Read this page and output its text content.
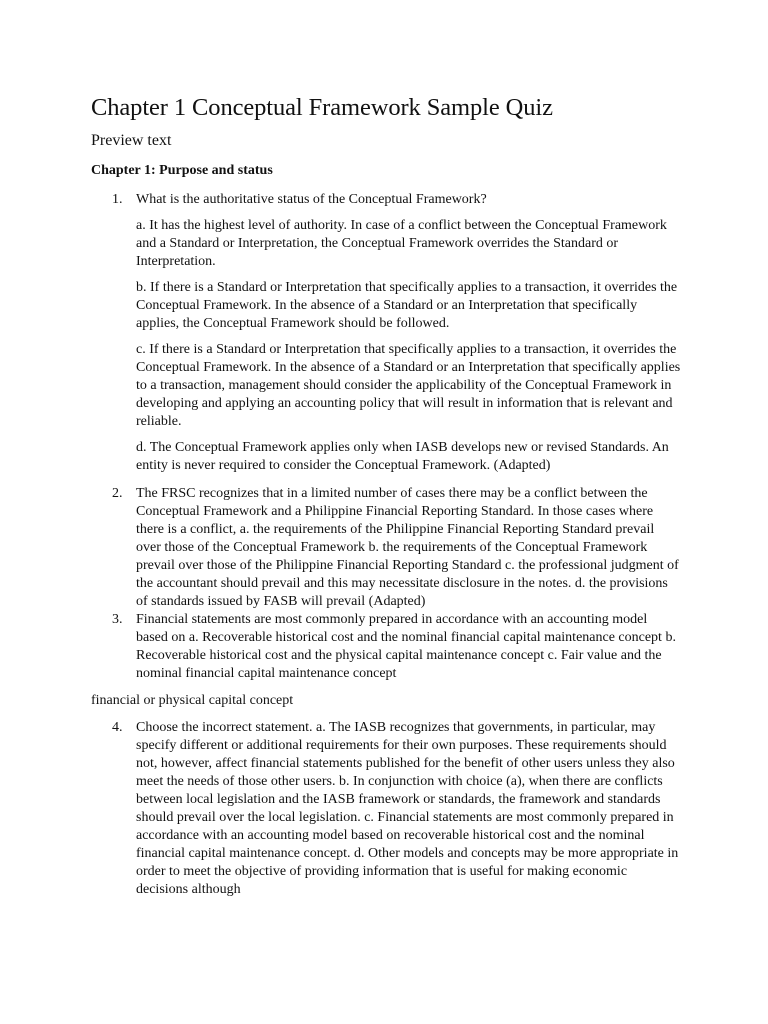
Chapter 1 Conceptual Framework Sample Quiz
Preview text
Chapter 1: Purpose and status
1. What is the authoritative status of the Conceptual Framework?

a. It has the highest level of authority. In case of a conflict between the Conceptual Framework and a Standard or Interpretation, the Conceptual Framework overrides the Standard or Interpretation.

b. If there is a Standard or Interpretation that specifically applies to a transaction, it overrides the Conceptual Framework. In the absence of a Standard or an Interpretation that specifically applies, the Conceptual Framework should be followed.

c. If there is a Standard or Interpretation that specifically applies to a transaction, it overrides the Conceptual Framework. In the absence of a Standard or an Interpretation that specifically applies to a transaction, management should consider the applicability of the Conceptual Framework in developing and applying an accounting policy that will result in information that is relevant and reliable.

d. The Conceptual Framework applies only when IASB develops new or revised Standards. An entity is never required to consider the Conceptual Framework. (Adapted)

2. The FRSC recognizes that in a limited number of cases there may be a conflict between the Conceptual Framework and a Philippine Financial Reporting Standard. In those cases where there is a conflict, a. the requirements of the Philippine Financial Reporting Standard prevail over those of the Conceptual Framework b. the requirements of the Conceptual Framework prevail over those of the Philippine Financial Reporting Standard c. the professional judgment of the accountant should prevail and this may necessitate disclosure in the notes. d. the provisions of standards issued by FASB will prevail (Adapted)

3. Financial statements are most commonly prepared in accordance with an accounting model based on a. Recoverable historical cost and the nominal financial capital maintenance concept b. Recoverable historical cost and the physical capital maintenance concept c. Fair value and the nominal financial capital maintenance concept

financial or physical capital concept

4. Choose the incorrect statement. a. The IASB recognizes that governments, in particular, may specify different or additional requirements for their own purposes. These requirements should not, however, affect financial statements published for the benefit of other users unless they also meet the needs of those other users. b. In conjunction with choice (a), when there are conflicts between local legislation and the IASB framework or standards, the framework and standards should prevail over the local legislation. c. Financial statements are most commonly prepared in accordance with an accounting model based on recoverable historical cost and the nominal financial capital maintenance concept. d. Other models and concepts may be more appropriate in order to meet the objective of providing information that is useful for making economic decisions although
